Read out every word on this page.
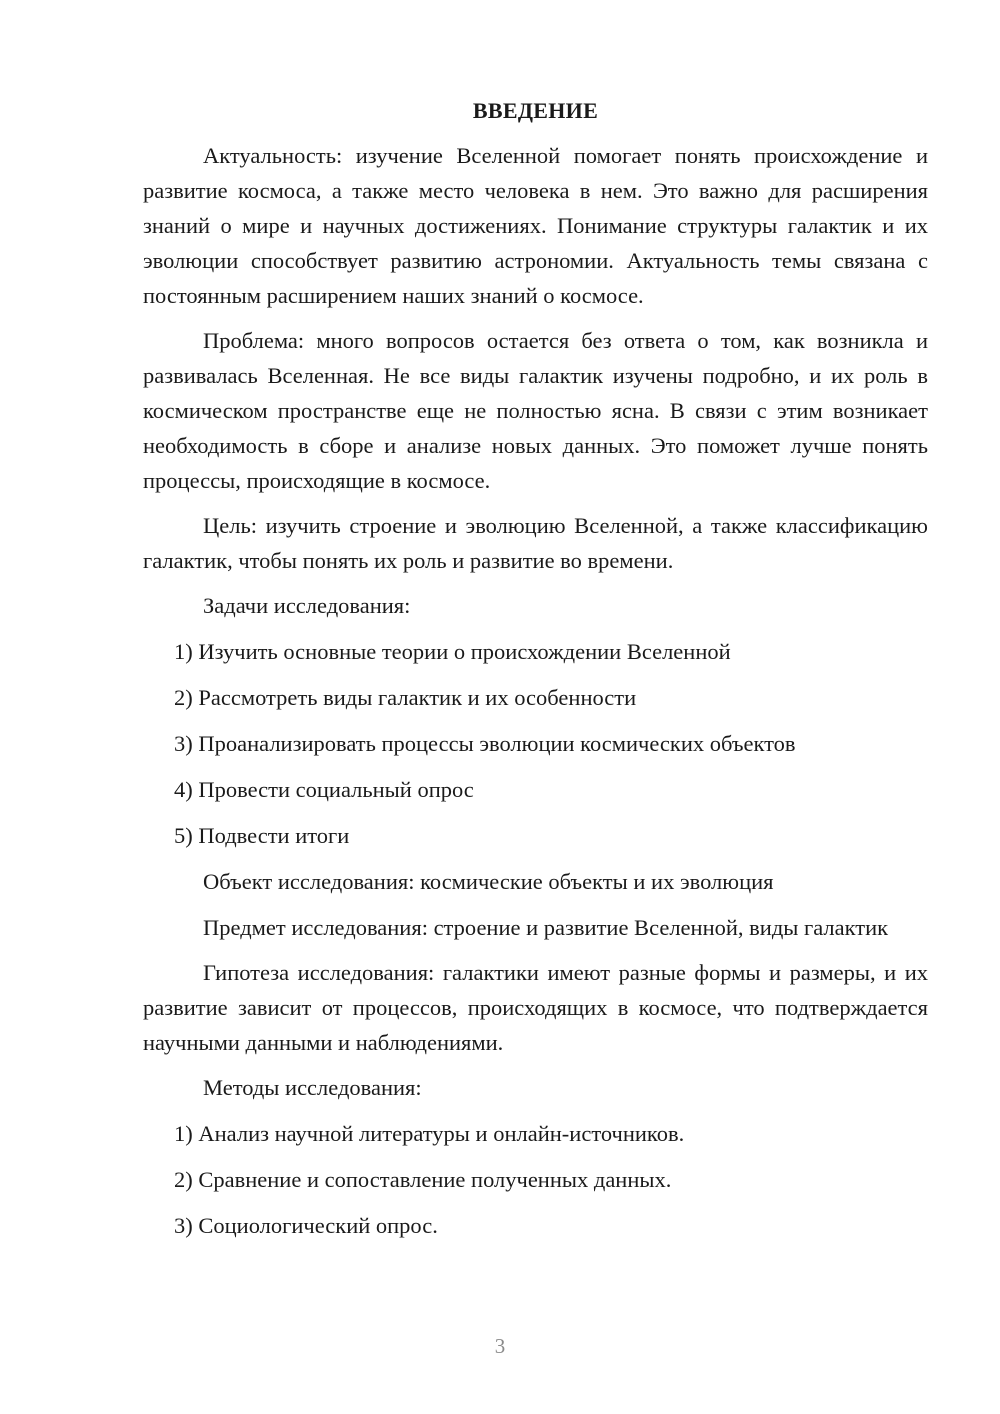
ВВЕДЕНИЕ

Актуальность: изучение Вселенной помогает понять происхождение и развитие космоса, а также место человека в нем. Это важно для расширения знаний о мире и научных достижениях. Понимание структуры галактик и их эволюции способствует развитию астрономии. Актуальность темы связана с постоянным расширением наших знаний о космосе.

Проблема: много вопросов остается без ответа о том, как возникла и развивалась Вселенная. Не все виды галактик изучены подробно, и их роль в космическом пространстве еще не полностью ясна. В связи с этим возникает необходимость в сборе и анализе новых данных. Это поможет лучше понять процессы, происходящие в космосе.

Цель: изучить строение и эволюцию Вселенной, а также классификацию галактик, чтобы понять их роль и развитие во времени.

Задачи исследования:
1) Изучить основные теории о происхождении Вселенной
2) Рассмотреть виды галактик и их особенности
3) Проанализировать процессы эволюции космических объектов
4) Провести социальный опрос
5) Подвести итоги
Объект исследования: космические объекты и их эволюция

Предмет исследования: строение и развитие Вселенной, виды галактик

Гипотеза исследования: галактики имеют разные формы и размеры, и их развитие зависит от процессов, происходящих в космосе, что подтверждается научными данными и наблюдениями.

Методы исследования:
1) Анализ научной литературы и онлайн-источников.
2) Сравнение и сопоставление полученных данных.
3) Социологический опрос.
3
